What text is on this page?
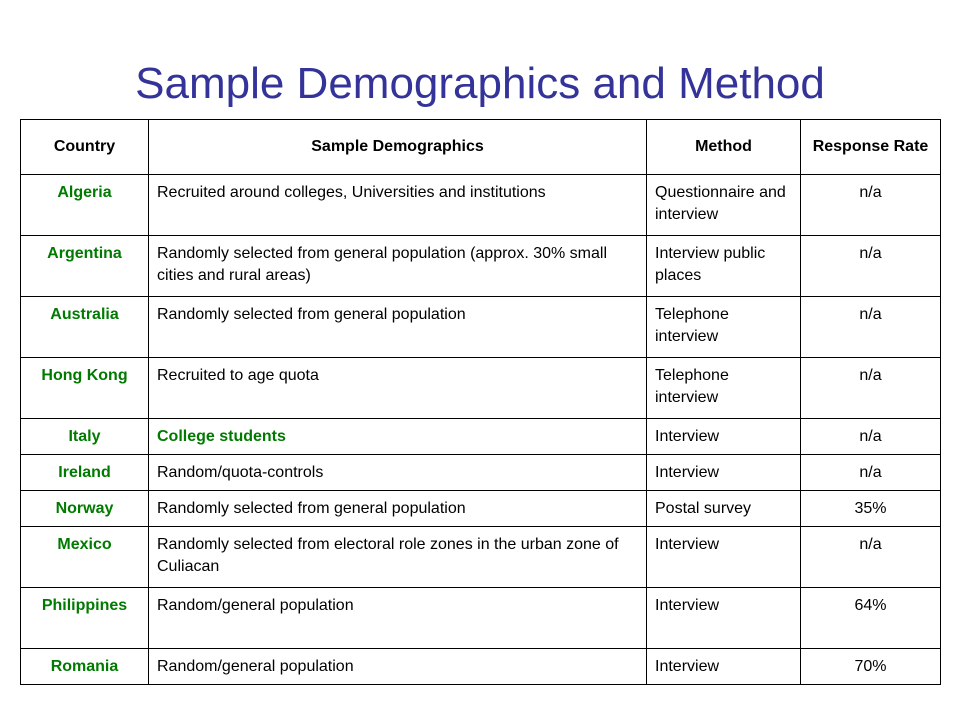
Sample Demographics and Method
Country	Sample Demographics	Method	Response Rate
Algeria	Recruited around colleges, Universities and institutions	Questionnaire and interview	n/a
Argentina	Randomly selected from general population (approx. 30% small cities and rural areas)	Interview public places	n/a
Australia	Randomly selected from general population	Telephone interview	n/a
Hong Kong	Recruited to age quota	Telephone interview	n/a
Italy	College students	Interview	n/a
Ireland	Random/quota-controls	Interview	n/a
Norway	Randomly selected from general population	Postal survey	35%
Mexico	Randomly selected from electoral role zones in the urban zone of Culiacan	Interview	n/a
Philippines	Random/general population	Interview	64%
Romania	Random/general population	Interview	70%
